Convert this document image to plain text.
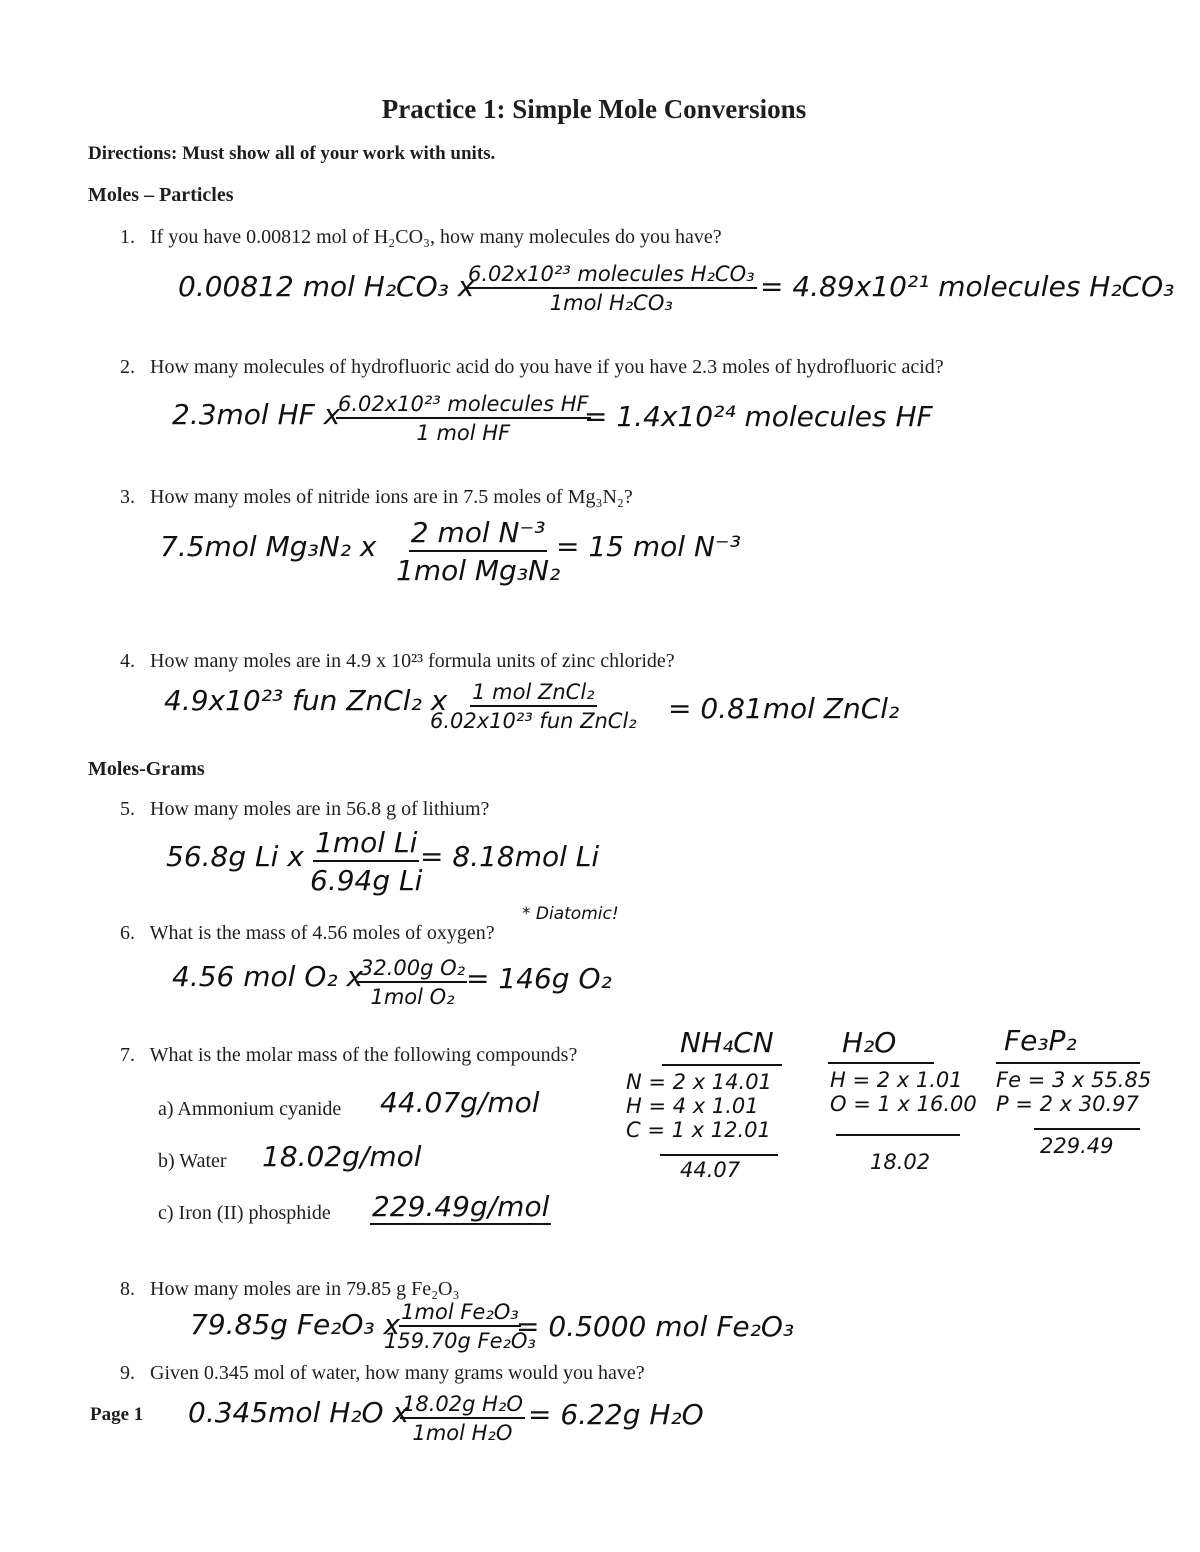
Practice 1: Simple Mole Conversions
Directions: Must show all of your work with units.
Moles – Particles
1. If you have 0.00812 mol of H₂CO₃, how many molecules do you have?
0.00812 mol H₂CO₃ x
6.02x10²³ molecules H₂CO₃
1mol H₂CO₃	= 4.89x10²¹ molecules H₂CO₃
2. How many molecules of hydrofluoric acid do you have if you have 2.3 moles of hydrofluoric acid?
2.3mol HF x
6.02x10²³ molecules HF
1 mol HF	= 1.4x10²⁴ molecules HF
3. How many moles of nitride ions are in 7.5 moles of Mg₃N₂?
7.5mol Mg₃N₂ x 2 mol N⁻³
1mol Mg₃N₂
= 15 mol N⁻³
4. How many moles are in 4.9 x 10²³ formula units of zinc chloride?
4.9x10²³ fun ZnCl₂ x 1 mol ZnCl₂
6.02x10²³ fun ZnCl₂ = 0.81mol ZnCl₂
Moles-Grams
5. How many moles are in 56.8 g of lithium?
56.8g Li x 1mol Li
6.94g Li
= 8.18mol Li
* Diatomic!
6. What is the mass of 4.56 moles of oxygen?
4.56 mol O₂ x
32.00g O₂
1mol O₂
= 146g O₂
7. What is the molar mass of the following compounds?
a) Ammonium cyanide 44.07g/mol
b) Water 18.02g/mol
c) Iron (II) phosphide 229.49g/mol
NH₄CN
N = 2 x 14.01
H = 4 x 1.01
C = 1 x 12.01
44.07
H₂O
H = 2 x 1.01
O = 1 x 16.00
18.02
Fe₃P₂
Fe = 3 x 55.85
P = 2 x 30.97
229.49
8. How many moles are in 79.85 g Fe₂O₃
79.85g Fe₂O₃ x 1mol Fe₂O₃
159.70g Fe₂O₃
= 0.5000 mol Fe₂O₃
9. Given 0.345 mol of water, how many grams would you have?
Page 1 0.345mol H₂O x
18.02g H₂O
1mol H₂O
= 6.22g H₂O
